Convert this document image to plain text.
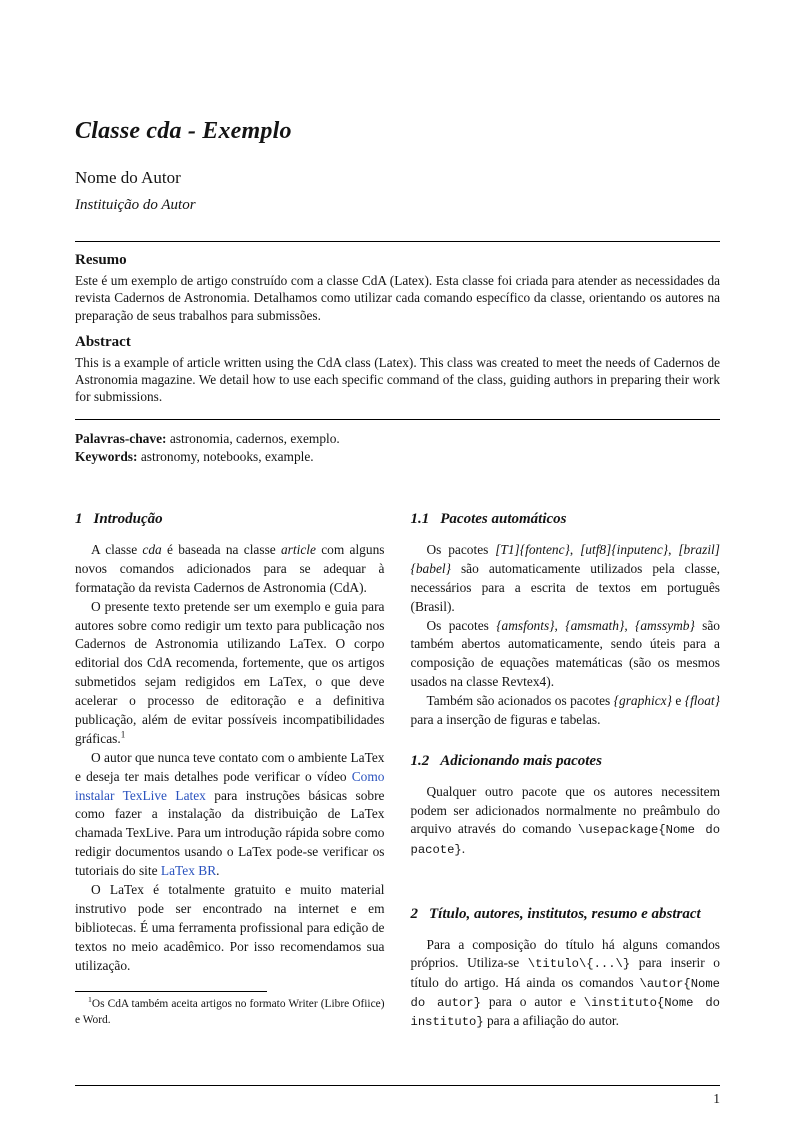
Classe cda - Exemplo
Nome do Autor
Instituição do Autor
Resumo

Este é um exemplo de artigo construído com a classe CdA (Latex). Esta classe foi criada para atender as necessidades da revista Cadernos de Astronomia. Detalhamos como utilizar cada comando específico da classe, orientando os autores na preparação de seus trabalhos para submissões.

Abstract

This is a example of article written using the CdA class (Latex). This class was created to meet the needs of Cadernos de Astronomia magazine. We detail how to use each specific command of the class, guiding authors in preparing their work for submissions.

Palavras-chave: astronomia, cadernos, exemplo.

Keywords: astronomy, notebooks, example.

1 Introdução

A classe cda é baseada na classe article com alguns novos comandos adicionados para se adequar à formatação da revista Cadernos de Astronomia (CdA).

O presente texto pretende ser um exemplo e guia para autores sobre como redigir um texto para publicação nos Cadernos de Astronomia utilizando LaTex. O corpo editorial dos CdA recomenda, fortemente, que os artigos submetidos sejam redigidos em LaTex, o que deve acelerar o processo de editoração e a definitiva publicação, além de evitar possíveis incompatibilidades gráficas.$^1$

O autor que nunca teve contato com o ambiente LaTex e deseja ter mais detalhes pode verificar o vídeo Como instalar TexLive Latex para instruções básicas sobre como fazer a instalação da distribuição de LaTex chamada TexLive. Para um introdução rápida sobre como redigir documentos usando o LaTex pode-se verificar os tutoriais do site LaTex BR.

O LaTex é totalmente gratuito e muito material instrutivo pode ser encontrado na internet e em bibliotecas. É uma ferramenta profissional para edição de textos no meio acadêmico. Por isso recomendamos sua utilização.

$^1$Os CdA também aceita artigos no formato Writer (Libre Ofiice) e Word.

1.1 Pacotes automáticos

Os pacotes [T1]{fontenc}, [utf8]{inputenc}, [brazil]{babel} são automaticamente utilizados pela classe, necessários para a escrita de textos em português (Brasil).

Os pacotes {amsfonts}, {amsmath}, {amssymb} são também abertos automaticamente, sendo úteis para a composição de equações matemáticas (são os mesmos usados na classe Revtex4).

Também são acionados os pacotes {graphicx} e {float} para a inserção de figuras e tabelas.

1.2 Adicionando mais pacotes

Qualquer outro pacote que os autores necessitem podem ser adicionados normalmente no preâmbulo do arquivo através do comando \usepackage{Nome do pacote}.

2 Título, autores, institutos, resumo e abstract

Para a composição do título há alguns comandos próprios. Utiliza-se \titulo\{...\} para inserir o título do artigo. Há ainda os comandos \autor{Nome do autor} para o autor e \instituto{Nome do instituto} para a afiliação do autor.

1
